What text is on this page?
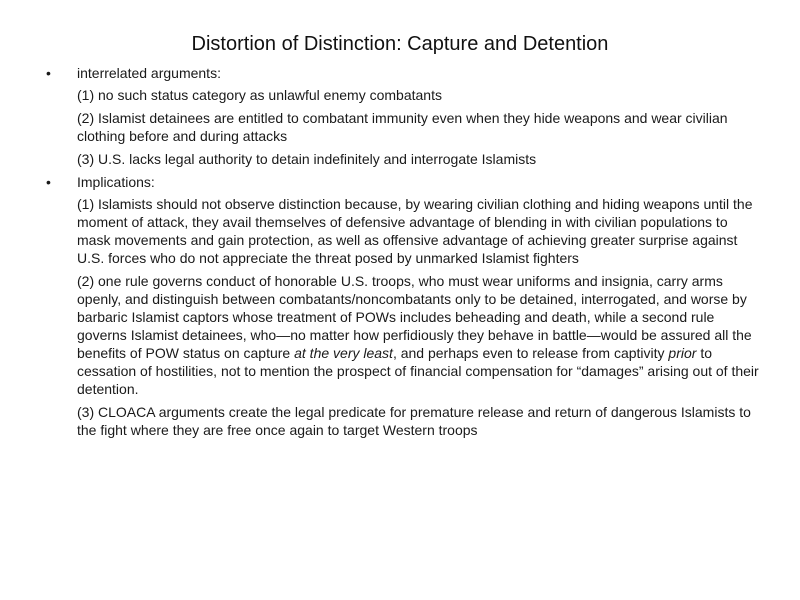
Distortion of Distinction: Capture and Detention
•	interrelated arguments:

(1) no such status category as unlawful enemy combatants

(2) Islamist detainees are entitled to combatant immunity even when they hide weapons and wear civilian clothing before and during attacks

(3) U.S. lacks legal authority to detain indefinitely and interrogate Islamists

•	Implications:

(1) Islamists should not observe distinction because, by wearing civilian clothing and hiding weapons until the moment of attack, they avail themselves of defensive advantage of blending in with civilian populations to mask movements and gain protection, as well as offensive advantage of achieving greater surprise against U.S. forces who do not appreciate the threat posed by unmarked Islamist fighters

(2) one rule governs conduct of honorable U.S. troops, who must wear uniforms and insignia, carry arms openly, and distinguish between combatants/noncombatants only to be detained, interrogated, and worse by barbaric Islamist captors whose treatment of POWs includes beheading and death, while a second rule governs Islamist detainees, who—no matter how perfidiously they behave in battle—would be assured all the benefits of POW status on capture at the very least, and perhaps even to release from captivity prior to cessation of hostilities, not to mention the prospect of financial compensation for “damages” arising out of their detention.

(3) CLOACA arguments create the legal predicate for premature release and return of dangerous Islamists to the fight where they are free once again to target Western troops
